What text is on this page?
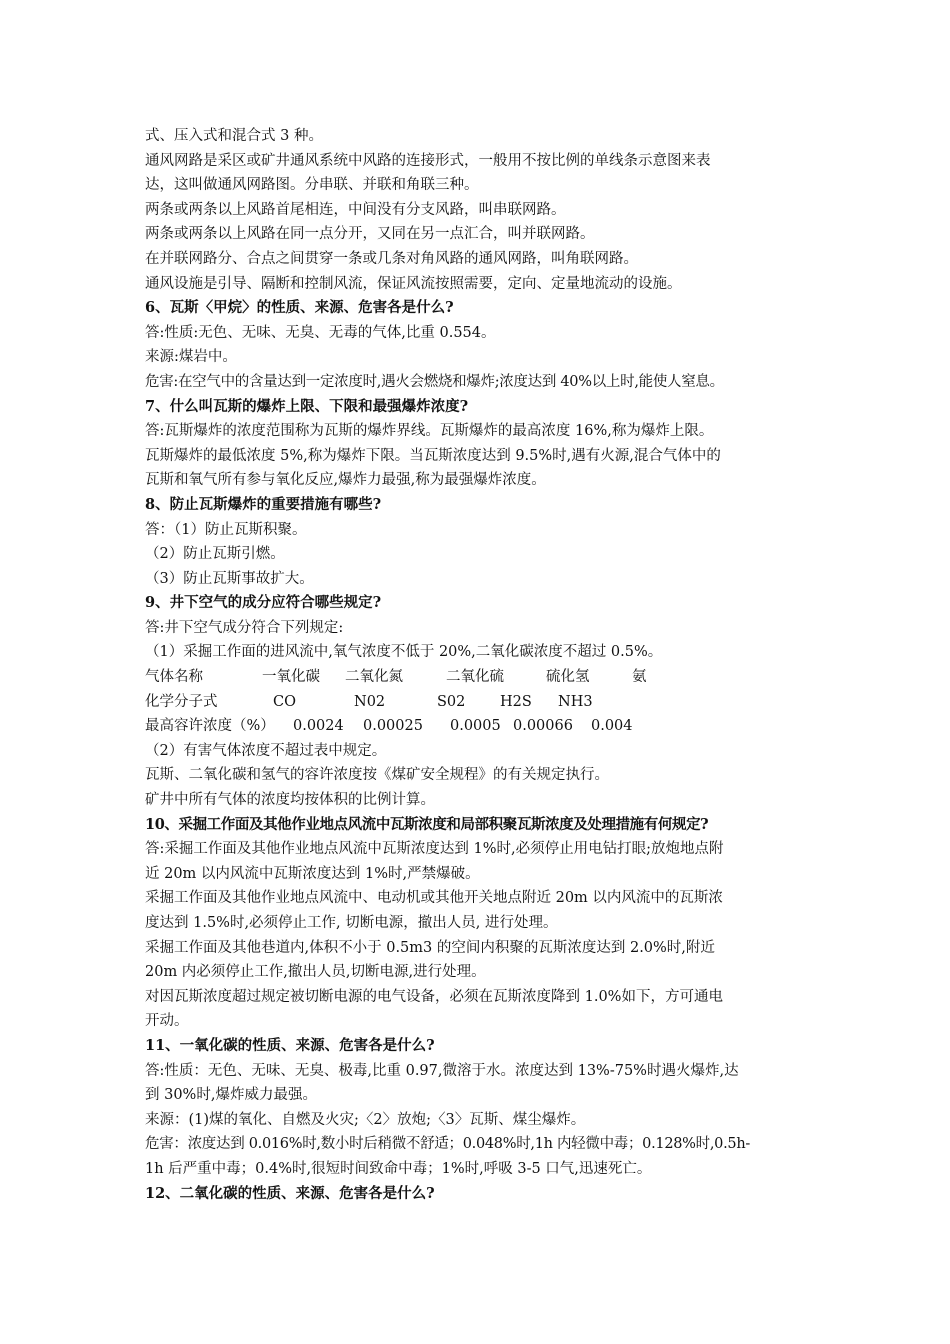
式、压入式和混合式 3 种。
通风网路是采区或矿井通风系统中风路的连接形式，一般用不按比例的单线条示意图来表
达，这叫做通风网路图。分串联、并联和角联三种。
两条或两条以上风路首尾相连，中间没有分支风路，叫串联网路。
两条或两条以上风路在同一点分开，又同在另一点汇合，叫并联网路。
在并联网路分、合点之间贯穿一条或几条对角风路的通风网路，叫角联网路。
通风设施是引导、隔断和控制风流，保证风流按照需要，定向、定量地流动的设施。
6、瓦斯〈甲烷〉的性质、来源、危害各是什么?
答:性质:无色、无味、无臭、无毒的气体,比重 0.554。
来源:煤岩中。
危害:在空气中的含量达到一定浓度时,遇火会燃烧和爆炸;浓度达到 40%以上时,能使人窒息。
7、什么叫瓦斯的爆炸上限、下限和最强爆炸浓度?
答:瓦斯爆炸的浓度范围称为瓦斯的爆炸界线。瓦斯爆炸的最高浓度 16%,称为爆炸上限。
瓦斯爆炸的最低浓度 5%,称为爆炸下限。当瓦斯浓度达到 9.5%时,遇有火源,混合气体中的
瓦斯和氧气所有参与氧化反应,爆炸力最强,称为最强爆炸浓度。
8、防止瓦斯爆炸的重要措施有哪些?
答：（1）防止瓦斯积聚。
（2）防止瓦斯引燃。
（3）防止瓦斯事故扩大。
9、井下空气的成分应符合哪些规定?
答:井下空气成分符合下列规定:
（1）采掘工作面的进风流中,氧气浓度不低于 20%,二氧化碳浓度不超过 0.5%。
气体名称	一氧化碳 二氧化氮	二氧化硫	硫化氢	氨
化学分子式	CO	N02	S02 H2S NH3
最高容许浓度（%） 0.0024 0.00025 0.0005 0.00066 0.004
（2）有害气体浓度不超过表中规定。
瓦斯、二氧化碳和氢气的容许浓度按《煤矿安全规程》的有关规定执行。
矿井中所有气体的浓度均按体积的比例计算。
10、采掘工作面及其他作业地点风流中瓦斯浓度和局部积聚瓦斯浓度及处理措施有何规定?
答:采掘工作面及其他作业地点风流中瓦斯浓度达到 1%时,必须停止用电钻打眼;放炮地点附
近 20m 以内风流中瓦斯浓度达到 1%时,严禁爆破。
采掘工作面及其他作业地点风流中、电动机或其他开关地点附近 20m 以内风流中的瓦斯浓
度达到 1.5%时,必须停止工作, 切断电源，撤出人员, 进行处理。
采掘工作面及其他巷道内,体积不小于 0.5m3 的空间内积聚的瓦斯浓度达到 2.0%时,附近
20m 内必须停止工作,撤出人员,切断电源,进行处理。
对因瓦斯浓度超过规定被切断电源的电气设备，必须在瓦斯浓度降到 1.0%如下，方可通电
开动。
11、一氧化碳的性质、来源、危害各是什么?
答:性质：无色、无味、无臭、极毒,比重 0.97,微溶于水。浓度达到 13%-75%时遇火爆炸,达
到 30%时,爆炸威力最强。
来源：(1)煤的氧化、自燃及火灾;〈2〉放炮;〈3〉瓦斯、煤尘爆炸。
危害：浓度达到 0.016%时,数小时后稍微不舒适；0.048%时,1h 内轻微中毒；0.128%时,0.5h-
1h 后严重中毒；0.4%时,很短时间致命中毒；1%时,呼吸 3-5 口气,迅速死亡。
12、二氧化碳的性质、来源、危害各是什么?
